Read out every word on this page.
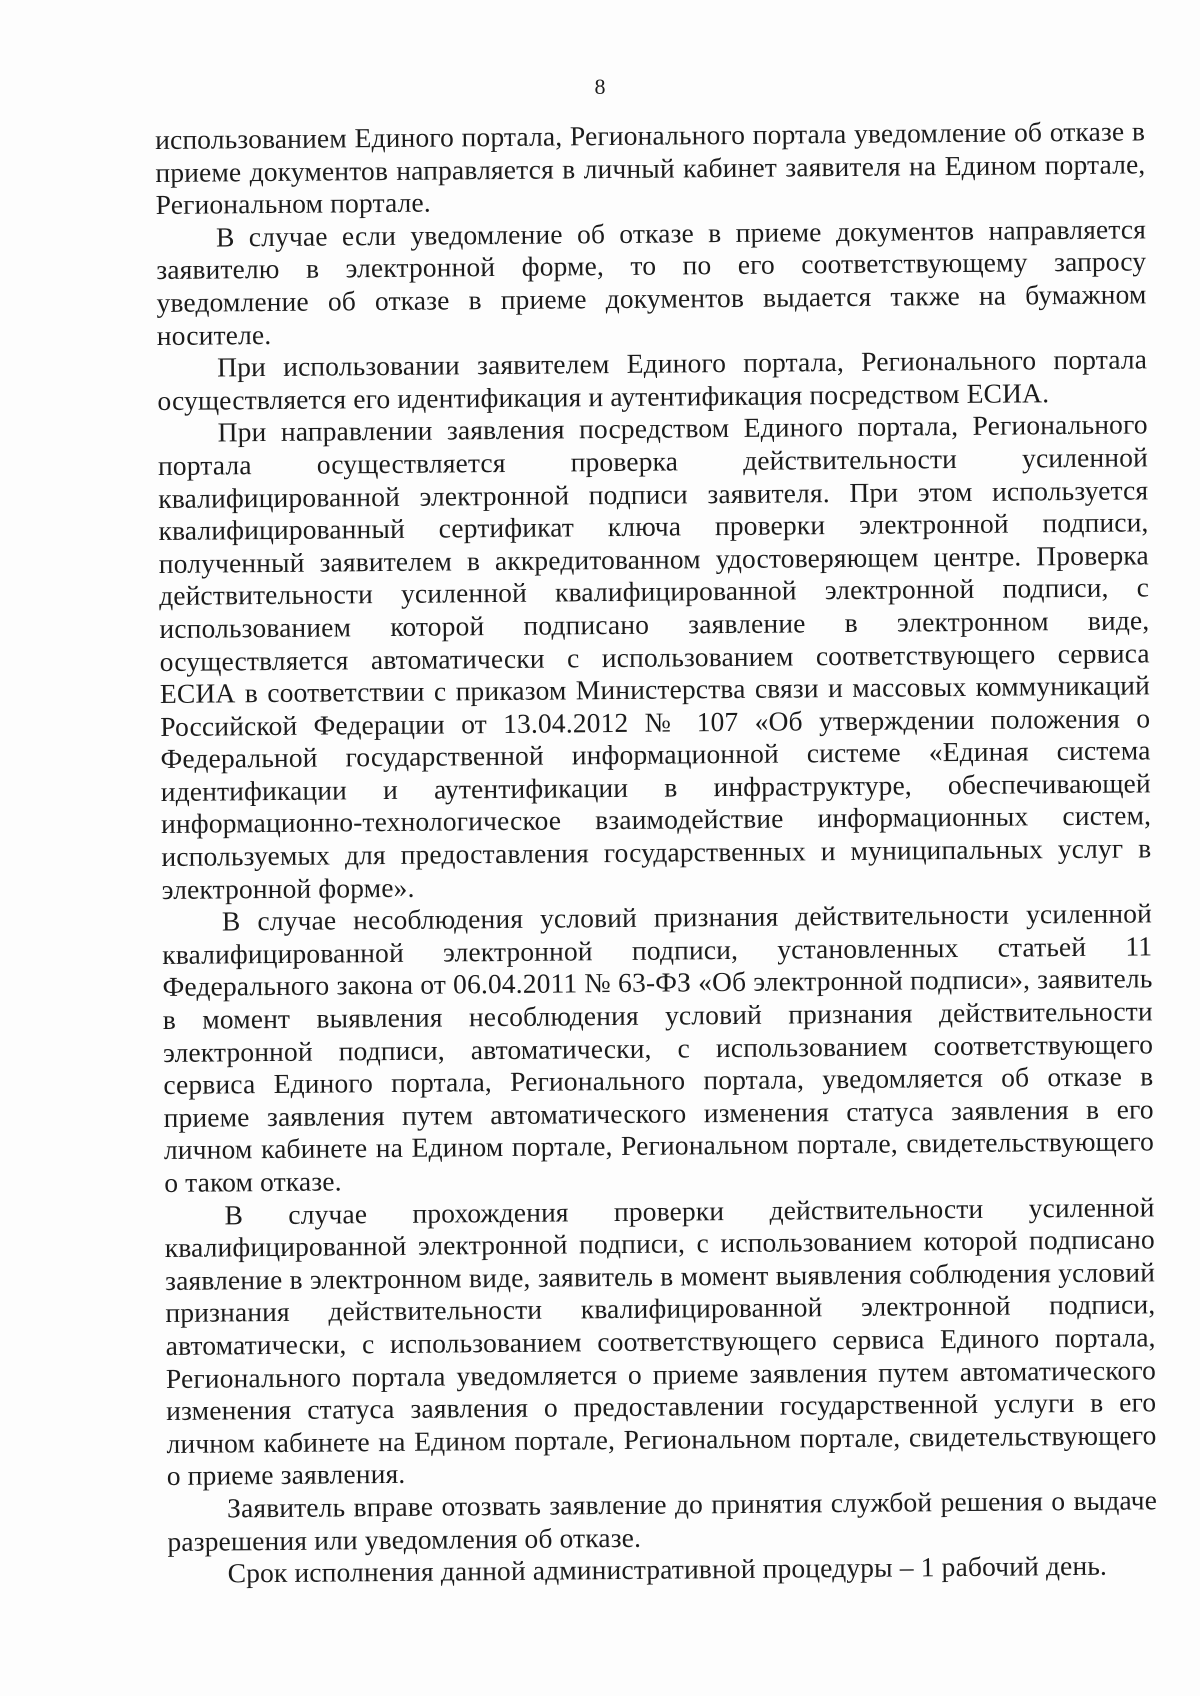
8

использованием Единого портала, Регионального портала уведомление об отказе в приеме документов направляется в личный кабинет заявителя на Едином портале, Региональном портале.

В случае если уведомление об отказе в приеме документов направляется заявителю в электронной форме, то по его соответствующему запросу уведомление об отказе в приеме документов выдается также на бумажном носителе.

При использовании заявителем Единого портала, Регионального портала осуществляется его идентификация и аутентификация посредством ЕСИА.

При направлении заявления посредством Единого портала, Регионального портала осуществляется проверка действительности усиленной квалифицированной электронной подписи заявителя. При этом используется квалифицированный сертификат ключа проверки электронной подписи, полученный заявителем в аккредитованном удостоверяющем центре. Проверка действительности усиленной квалифицированной электронной подписи, с использованием которой подписано заявление в электронном виде, осуществляется автоматически с использованием соответствующего сервиса ЕСИА в соответствии с приказом Министерства связи и массовых коммуникаций Российской Федерации от 13.04.2012 № 107 «Об утверждении положения о Федеральной государственной информационной системе «Единая система идентификации и аутентификации в инфраструктуре, обеспечивающей информационно-технологическое взаимодействие информационных систем, используемых для предоставления государственных и муниципальных услуг в электронной форме».

В случае несоблюдения условий признания действительности усиленной квалифицированной электронной подписи, установленных статьей 11 Федерального закона от 06.04.2011 № 63-ФЗ «Об электронной подписи», заявитель в момент выявления несоблюдения условий признания действительности электронной подписи, автоматически, с использованием соответствующего сервиса Единого портала, Регионального портала, уведомляется об отказе в приеме заявления путем автоматического изменения статуса заявления в его личном кабинете на Едином портале, Региональном портале, свидетельствующего о таком отказе.

В случае прохождения проверки действительности усиленной квалифицированной электронной подписи, с использованием которой подписано заявление в электронном виде, заявитель в момент выявления соблюдения условий признания действительности квалифицированной электронной подписи, автоматически, с использованием соответствующего сервиса Единого портала, Регионального портала уведомляется о приеме заявления путем автоматического изменения статуса заявления о предоставлении государственной услуги в его личном кабинете на Едином портале, Региональном портале, свидетельствующего о приеме заявления.

Заявитель вправе отозвать заявление до принятия службой решения о выдаче разрешения или уведомления об отказе.

Срок исполнения данной административной процедуры – 1 рабочий день.
